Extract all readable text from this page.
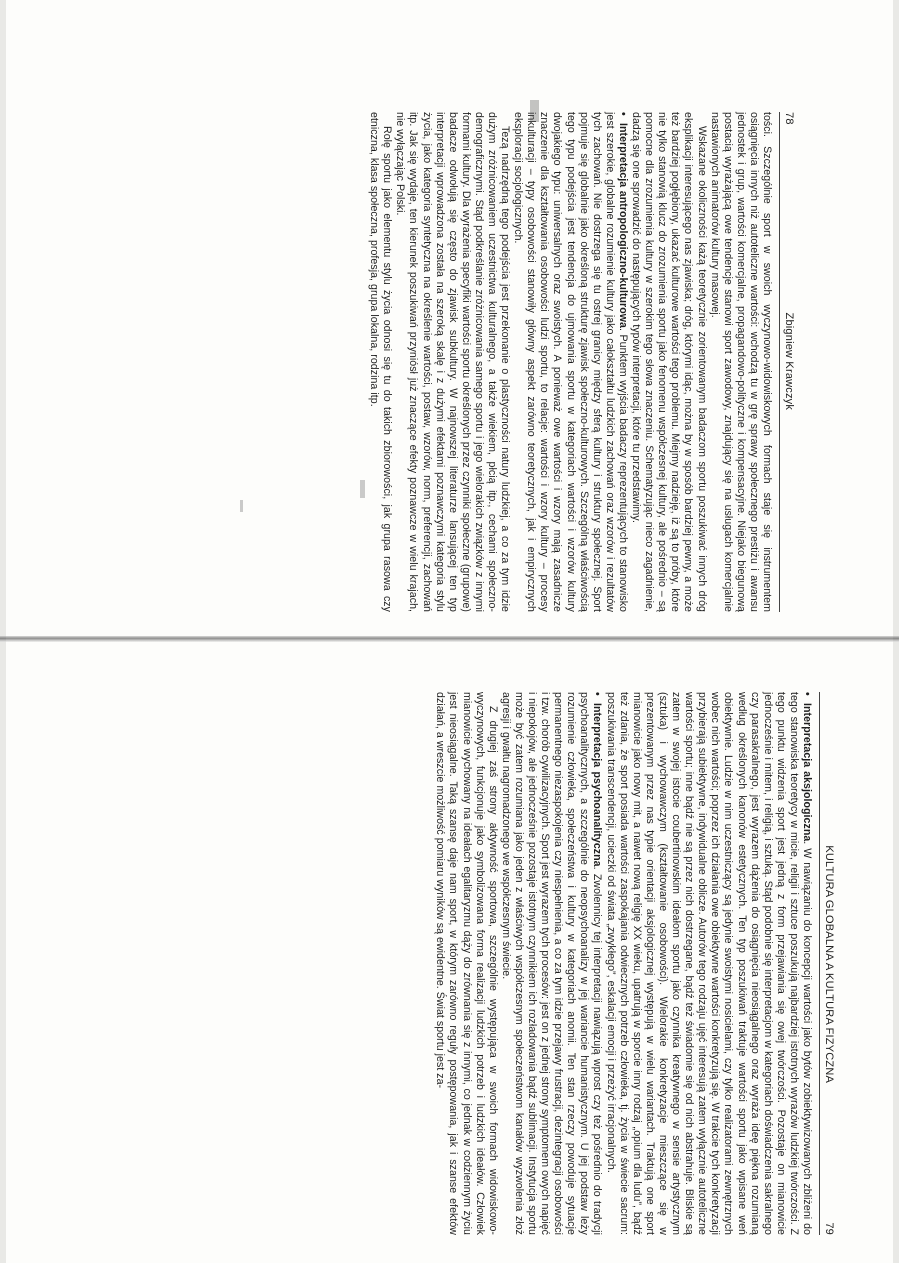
78
Zbigniew Krawczyk

tości. Szczególnie sport w swoich wyczynowo-widowiskowych formach staje się instrumentem osiągnięcia innych niż autoteliczne wartości: wchodzą tu w grę sprawy społecznego prestiżu i awansu jednostek i grup, wartości komercjalne, propagandowo-polityczne i kompensacyjne. Niejako biegunową postacią wyrażającą owe tendencje stanowi sport zawodowy, znajdujący się na usługach komercjalnie nastawionych animatorów kultury masowej.

Wskazane okoliczności każą teoretycznie zorientowanym badaczom sportu poszukiwać innych dróg eksplikacji interesującego nas zjawiska; dróg, którymi idąc, można by w sposób bardziej pewny, a może też bardziej pogłębiony, ukazać kulturowe wartości tego problemu. Miejmy nadzieję, iż są to próby, które nie tylko stanowią klucz do zrozumienia sportu jako fenomenu współczesnej kultury, ale pośrednio – są pomocne dla zrozumienia kultury w szerokim tego słowa znaczeniu. Schematyzując nieco zagadnienie, dadzą się one sprowadzić do następujących typów interpretacji, które tu przedstawimy.

• Interpretacja antropologiczno-kulturowa. Punktem wyjścia badaczy reprezentujących to stanowisko jest szerokie, globalne rozumienie kultury jako całokształtu ludzkich zachowań oraz wzorów i rezultatów tych zachowań. Nie dostrzega się tu ostrej granicy między sferą kultury i struktury społecznej. Sport pojmuje się globalnie jako określoną strukturę zjawisk społeczno-kulturowych. Szczególną właściwością tego typu podejścia jest tendencja do ujmowania sportu w kategoriach wartości i wzorów kultury dwojakiego typu: uniwersalnych oraz swoistych. A ponieważ owe wartości i wzory mają zasadnicze znaczenie dla kształtowania osobowości ludzi sportu, to relacje: wartości i wzory kultury – procesy inkulturacji – typy osobowości stanowiły główny aspekt zarówno teoretycznych, jak i empirycznych eksploracji socjologicznych.

Tezą nadrzędną tego podejścia jest przekonanie o plastyczności natury ludzkiej, a co za tym idzie dużym zróżnicowaniem uczestnictwa kulturalnego, a także wiekiem, płcią itp., cechami społeczno-demograficznymi. Stąd podkreślanie zróżnicowania samego sportu i jego wielorakich związków z innymi formami kultury. Dla wyrażenia specyfiki wartości sportu określonych przez czynniki społeczne (grupowe) badacze odwołują się często do zjawisk subkultury. W najnowszej literaturze lansującej ten typ interpretacji wprowadzona została na szeroką skalę i z dużymi efektami poznawczymi kategoria stylu życia, jako kategoria syntetyczna na określenie wartości, postaw, wzorów, norm, preferencji, zachowań itp. Jak się wydaje, ten kierunek poszukiwań przyniósł już znaczące efekty poznawcze w wielu krajach, nie wyłączając Polski.

Rolę sportu jako elementu stylu życia odnosi się tu do takich zbiorowości, jak grupa rasowa czy etniczna, klasa społeczna, profesja, grupa lokalna, rodzina itp.

KULTURA GLOBALNA A KULTURA FIZYCZNA
79

• Interpretacja aksjologiczna. W nawiązaniu do koncepcji wartości jako bytów zobiektywizowanych zbliżeni do tego stanowiska teoretycy w micie, religii i sztuce poszukują najbardziej istotnych wyrazów ludzkiej twórczości. Z tego punktu widzenia sport jest jedną z form przejawiania się owej twórczości. Pozostaje on mianowicie jednocześnie i mitem, i religią, i sztuką. Stąd podobnie się interpretacjom w kategoriach doświadczenia sakralnego czy parasakralnego, jest wyrazem dążenia do osiągnięcia nieosiągalnego oraz wyraża ideę piękna rozumianą według określonych kanonów estetycznych. Ten typ poszukiwań traktuje wartości sportu jako wpisane weń obiektywnie. Ludzie w nim uczestniczący są jedynie swoistymi nosicielami, czy tylko realizatorami zewnętrznych wobec nich wartości; poprzez ich działania owe obiektywne wartości konkretyzują się. W trakcie tych konkretyzacji przybierają subiektywne, indywidualne oblicze. Autorów tego rodzaju ujęć interesują zatem wyłącznie autoteliczne wartości sportu; inne bądź nie są przez nich dostrzegane, bądź też świadomie się od nich abstrahuje. Bliskie są zatem w swojej istocie coubertinowskim ideałom sportu jako czynnika kreatywnego w sensie artystycznym (sztuka) i wychowawczym (kształtowanie osobowości). Wielorakie konkretyzacje mieszczące się w prezentowanym przez nas typie orientacji aksjologicznej występują w wielu wariantach. Traktują one sport mianowicie jako nowy mit, a nawet nową religię XX wieku, upatrują w sporcie inny rodzaj „opium dla ludu”, bądź też zdania, że sport posiada wartości zaspokajania odwiecznych potrzeb człowieka, tj. życia w świecie sacrum: poszukiwania transcendencji, ucieczki od świata „zwykłego”, eskalacji emocji i przeżyć irracjonalnych.

• Interpretacja psychoanalityczna. Zwolennicy tej interpretacji nawiązują wprost czy też pośrednio do tradycji psychoanalitycznych, a szczególnie do neopsychoanalizy w jej wariancie humanistycznym. U jej podstaw leży rozumienie człowieka, społeczeństwa i kultury w kategoriach anomii. Ten stan rzeczy powoduje sytuacje permanentnego niezaspokojenia czy niespełnienia, a co za tym idzie przejawy frustracji, dezintegracji osobowości i tzw. chorób cywilizacyjnych. Sport jest wyrazem tych procesów: jest on z jednej strony symptomem owych napięć i niepokojów, ale jednocześnie pozostaje istotnym czynnikiem ich rozładowania bądź sublimacji. Instytucja sportu może być zatem rozumiana jako jeden z właściwych współczesnym społeczeństwom kanałów wyzwolenia złoż agresji i gwałtu nagromadzonego we współczesnym świecie.

Z drugiej zaś strony aktywność sportowa, szczególnie występująca w swoich formach widowiskowo-wyczynowych, funkcjonuje jako symbolizowana forma realizacji ludzkich potrzeb i ludzkich ideałów. Człowiek mianowicie wychowany na ideałach egalitaryzmu dąży do zrównania się z innymi, co jednak w codziennym życiu jest nieosiągalne. Taką szansę daje nam sport, w którym zarówno reguły postępowania, jak i szanse efektów działań, a wreszcie możliwość pomiaru wyników są ewidentne. Świat sportu jest za-
